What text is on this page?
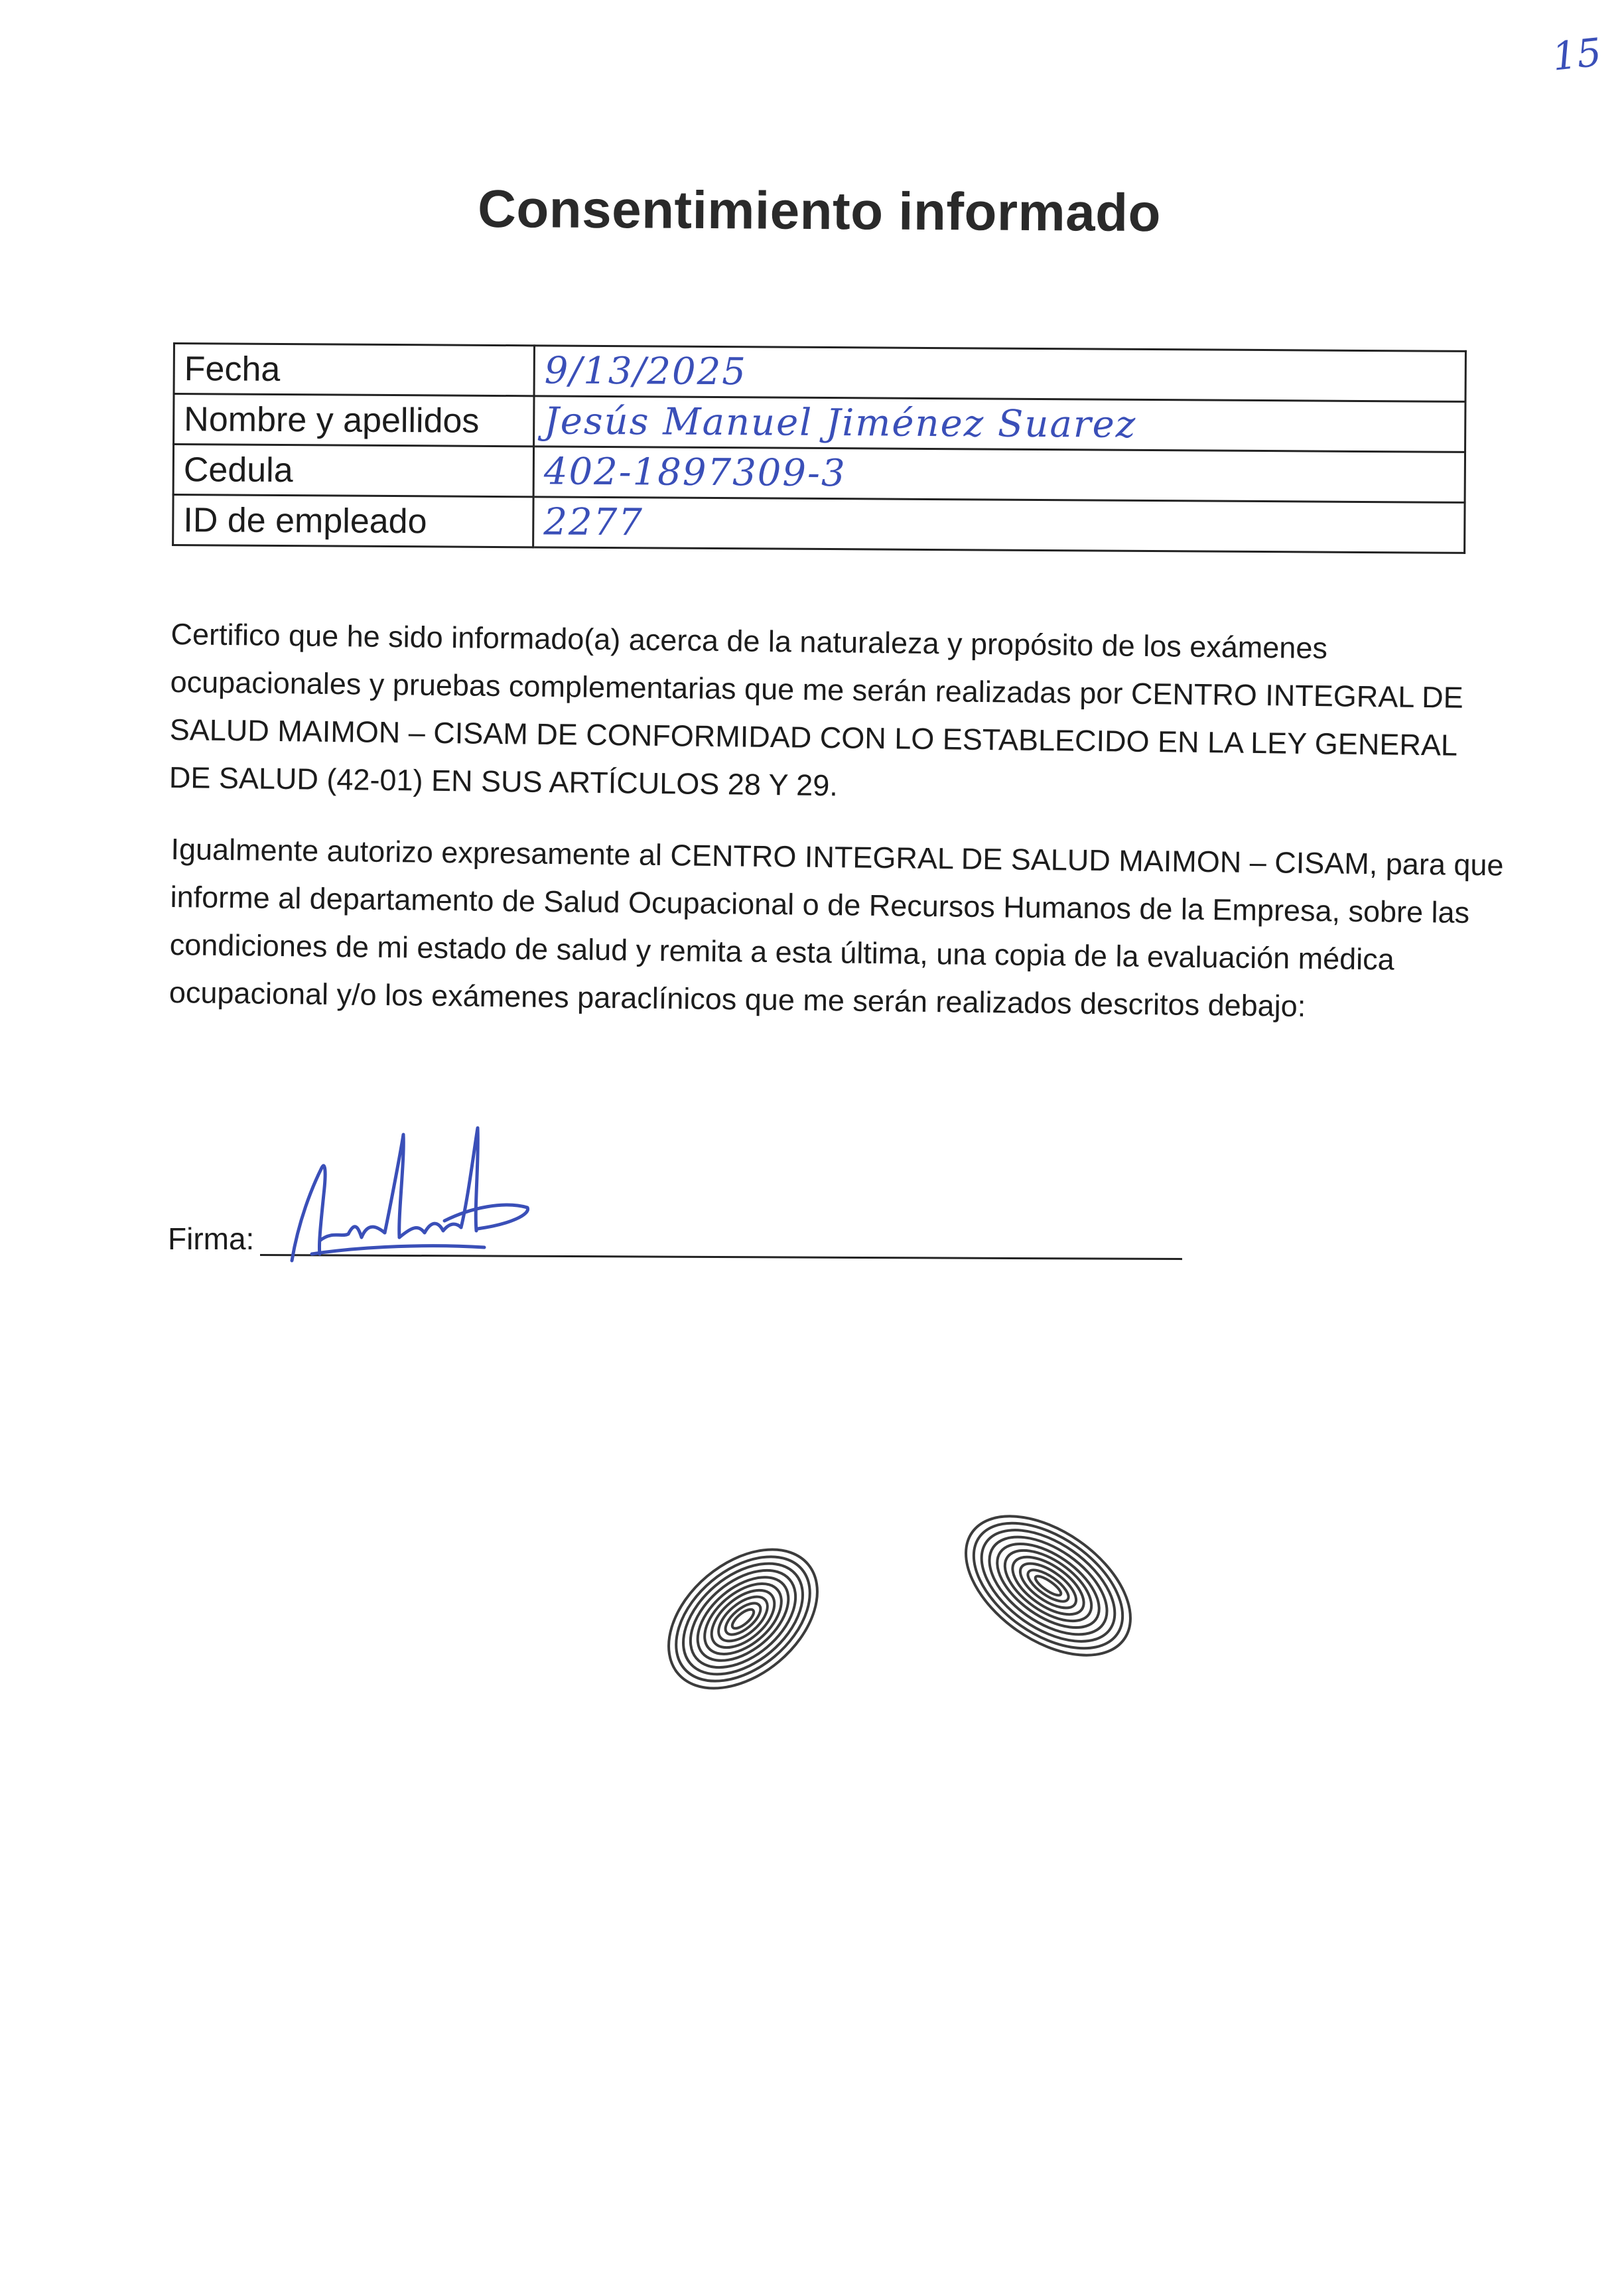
15
Consentimiento informado
Fecha	9/13/2025
Nombre y apellidos	Jesús Manuel Jiménez Suarez
Cedula	402-1897309-3
ID de empleado	2277

Certifico que he sido informado(a) acerca de la naturaleza y propósito de los exámenes ocupacionales y pruebas complementarias que me serán realizadas por CENTRO INTEGRAL DE SALUD MAIMON – CISAM DE CONFORMIDAD CON LO ESTABLECIDO EN LA LEY GENERAL DE SALUD (42-01) EN SUS ARTÍCULOS 28 Y 29.

Igualmente autorizo expresamente al CENTRO INTEGRAL DE SALUD MAIMON – CISAM, para que informe al departamento de Salud Ocupacional o de Recursos Humanos de la Empresa, sobre las condiciones de mi estado de salud y remita a esta última, una copia de la evaluación médica ocupacional y/o los exámenes paraclínicos que me serán realizados descritos debajo:

Firma:
